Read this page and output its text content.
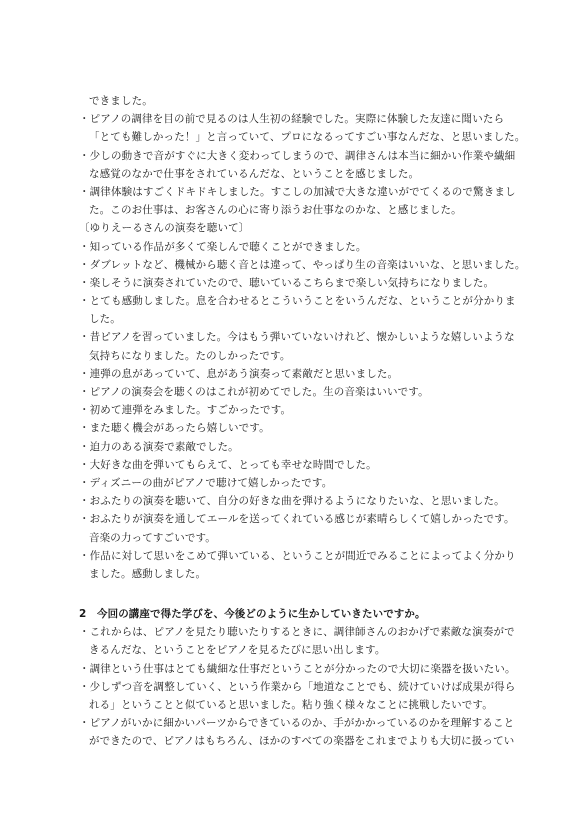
できました。
・ピアノの調律を目の前で見るのは人生初の経験でした。実際に体験した友達に聞いたら
「とても難しかった！」と言っていて、プロになるってすごい事なんだな、と思いました。
・少しの動きで音がすぐに大きく変わってしまうので、調律さんは本当に細かい作業や繊細
な感覚のなかで仕事をされているんだな、ということを感じました。
・調律体験はすごくドキドキしました。すこしの加減で大きな違いがでてくるので驚きまし
た。このお仕事は、お客さんの心に寄り添うお仕事なのかな、と感じました。
〔ゆりえーるさんの演奏を聴いて〕
・知っている作品が多くて楽しんで聴くことができました。
・ダブレットなど、機械から聴く音とは違って、やっぱり生の音楽はいいな、と思いました。
・楽しそうに演奏されていたので、聴いているこちらまで楽しい気持ちになりました。
・とても感動しました。息を合わせるとこういうことをいうんだな、ということが分かりま
した。
・昔ピアノを習っていました。今はもう弾いていないけれど、懐かしいような嬉しいような
気持ちになりました。たのしかったです。
・連弾の息があっていて、息があう演奏って素敵だと思いました。
・ピアノの演奏会を聴くのはこれが初めてでした。生の音楽はいいです。
・初めて連弾をみました。すごかったです。
・また聴く機会があったら嬉しいです。
・迫力のある演奏で素敵でした。
・大好きな曲を弾いてもらえて、とっても幸せな時間でした。
・ディズニーの曲がピアノで聴けて嬉しかったです。
・おふたりの演奏を聴いて、自分の好きな曲を弾けるようになりたいな、と思いました。
・おふたりが演奏を通してエールを送ってくれている感じが素晴らしくて嬉しかったです。
音楽の力ってすごいです。
・作品に対して思いをこめて弾いている、ということが間近でみることによってよく分かり
ました。感動しました。
2　今回の講座で得た学びを、今後どのように生かしていきたいですか。
・これからは、ピアノを見たり聴いたりするときに、調律師さんのおかげで素敵な演奏がで
きるんだな、ということをピアノを見るたびに思い出します。
・調律という仕事はとても繊細な仕事だということが分かったので大切に楽器を扱いたい。
・少しずつ音を調整していく、という作業から「地道なことでも、続けていけば成果が得ら
れる」ということと似ていると思いました。粘り強く様々なことに挑戦したいです。
・ピアノがいかに細かいパーツからできているのか、手がかかっているのかを理解すること
ができたので、ピアノはもちろん、ほかのすべての楽器をこれまでよりも大切に扱ってい
